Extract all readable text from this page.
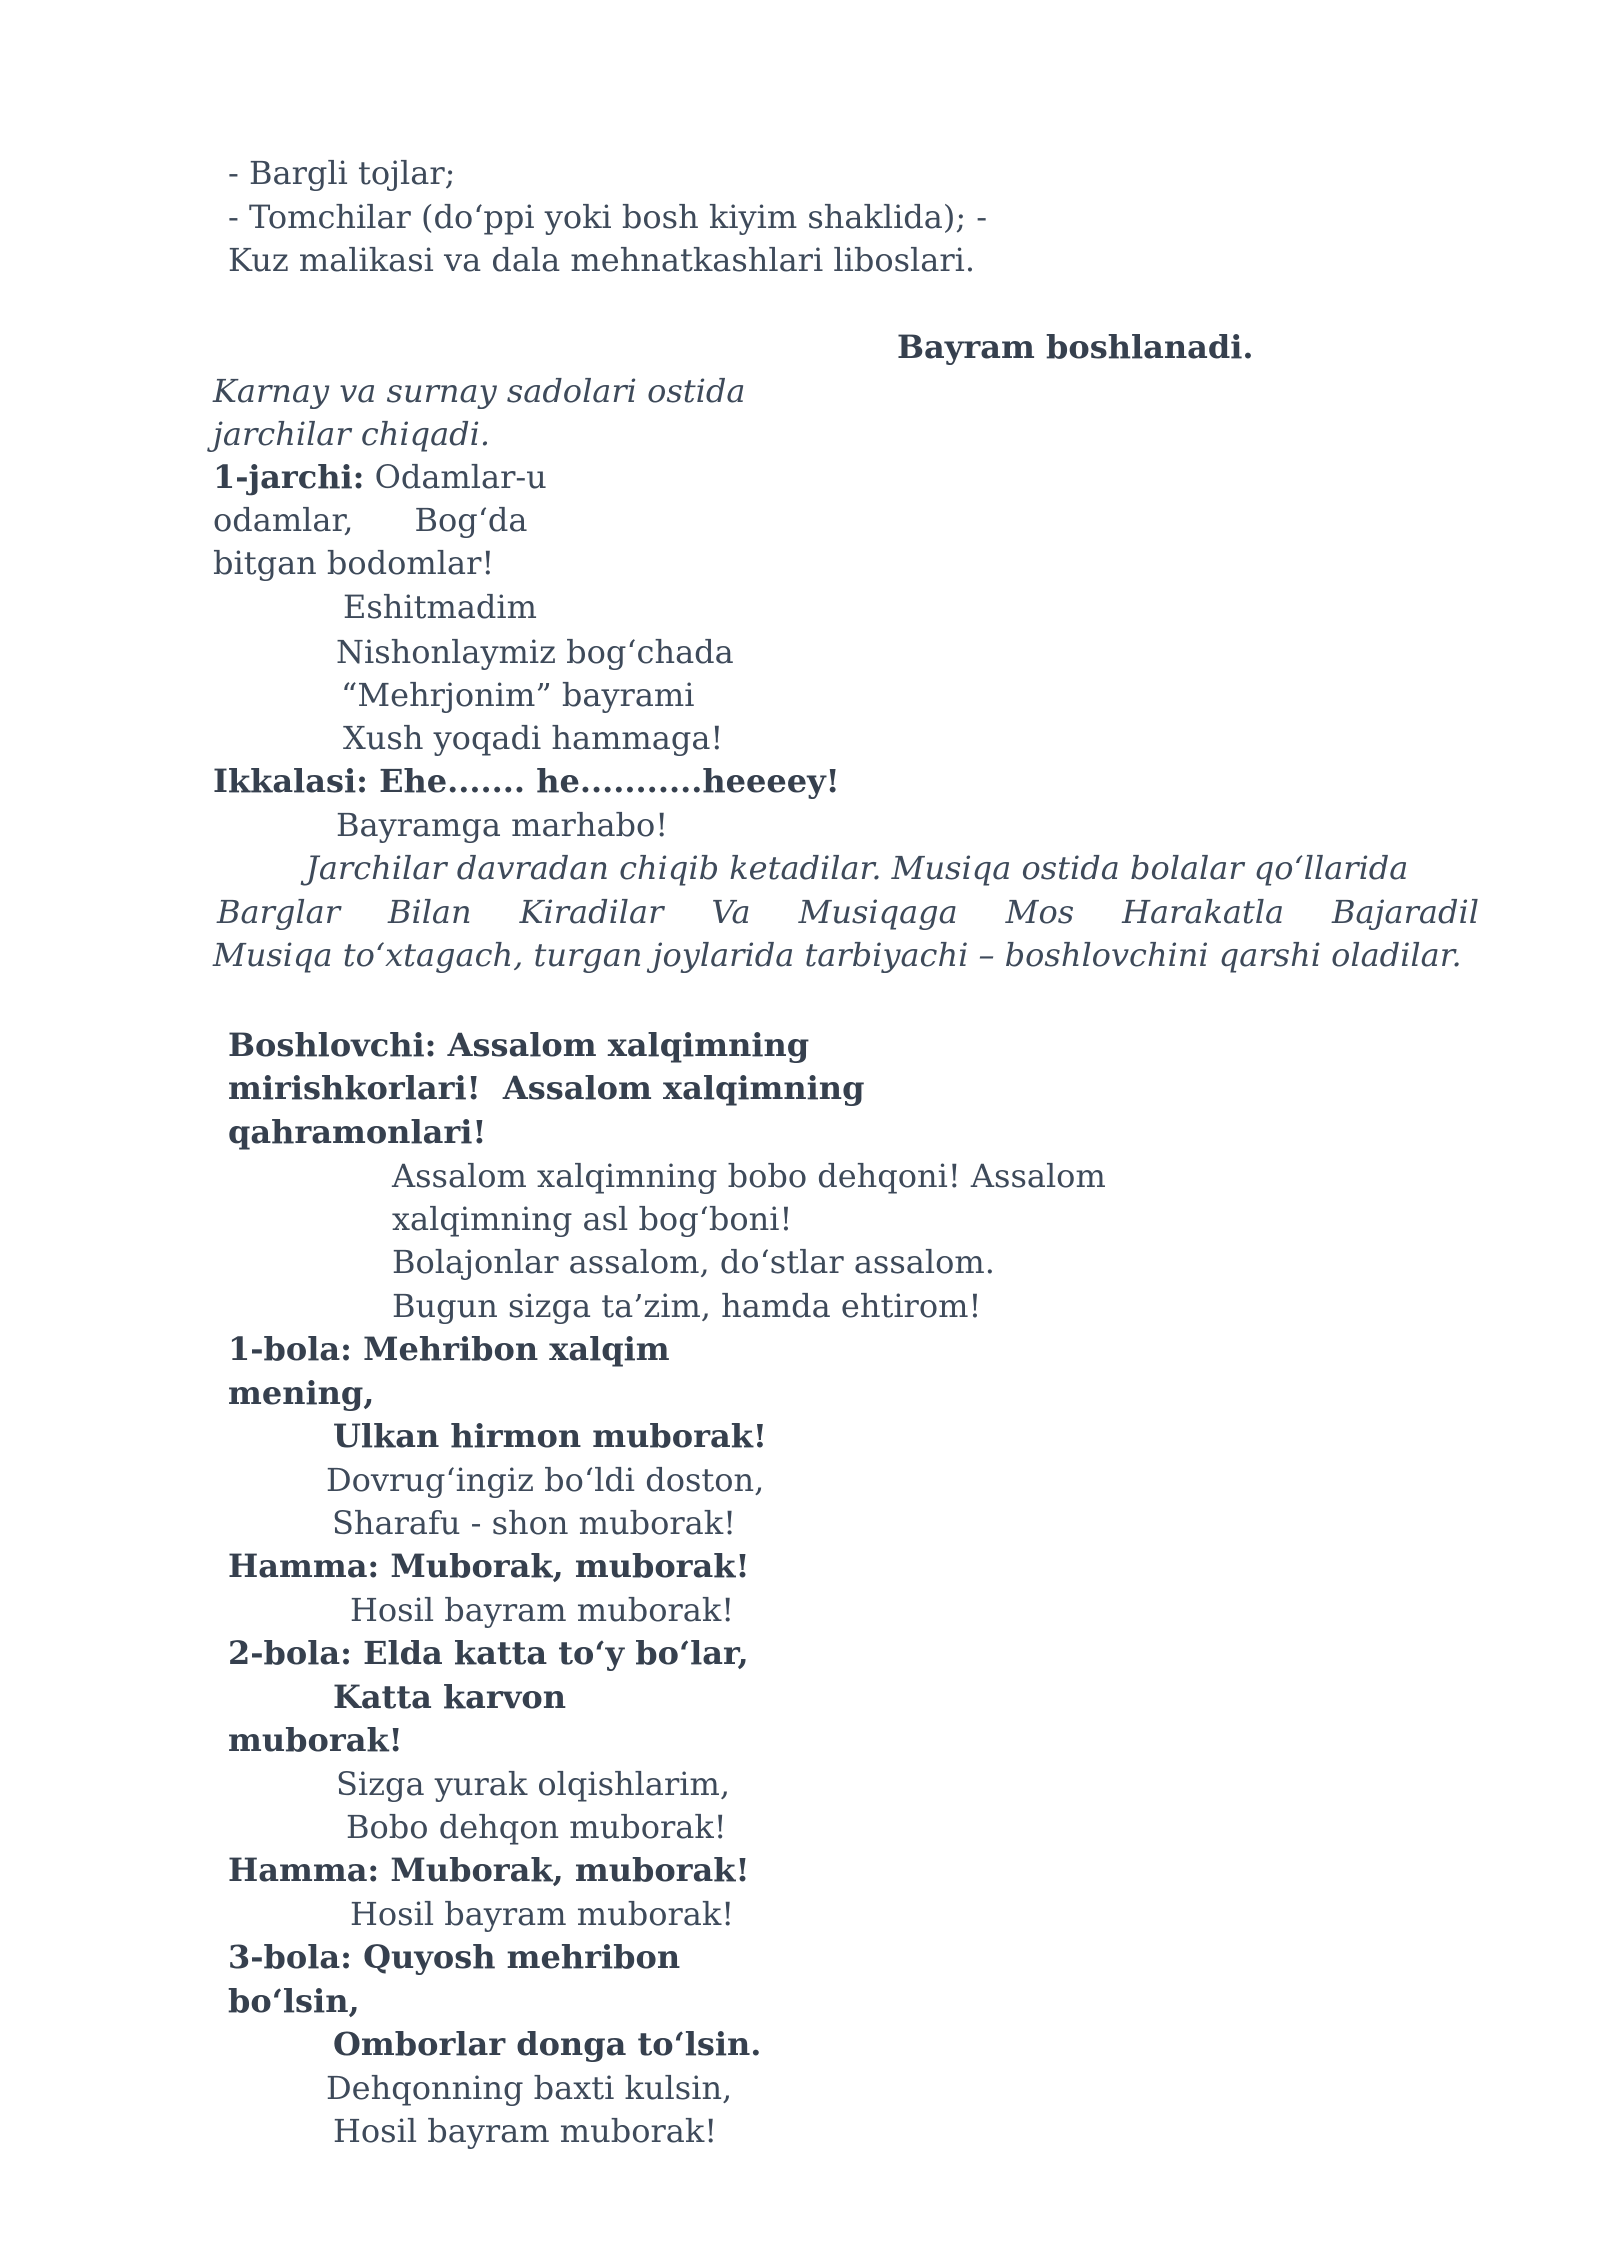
- Bargli tojlar;
- Tomchilar (do‘ppi yoki bosh kiyim shaklida); -
Kuz malikasi va dala mehnatkashlari liboslari.
Bayram boshlanadi.
Karnay va surnay sadolari ostida
jarchilar chiqadi.
1-jarchi: Odamlar-u
odamlar,      Bog‘da
bitgan bodomlar!
Eshitmadim
Nishonlaymiz bog‘chada
“Mehrjonim” bayrami
Xush yoqadi hammaga!
Ikkalasi: Ehe....... he...........heeeey!
Bayramga marhabo!
Jarchilar davradan chiqib ketadilar. Musiqa ostida bolalar qo‘llarida
Barglar Bilan Kiradilar Va Musiqaga Mos Harakatla Bajaradil
Musiqa to‘xtagach, turgan joylarida tarbiyachi – boshlovchini qarshi oladilar.
Boshlovchi: Assalom xalqimning
mirishkorlari!  Assalom xalqimning
qahramonlari!
Assalom xalqimning bobo dehqoni! Assalom
xalqimning asl bog‘boni!
Bolajonlar assalom, do‘stlar assalom.
Bugun sizga ta’zim, hamda ehtirom!
1-bola: Mehribon xalqim
mening,
Ulkan hirmon muborak!
Dovrug‘ingiz bo‘ldi doston,
Sharafu - shon muborak!
Hamma: Muborak, muborak!
Hosil bayram muborak!
2-bola: Elda katta to‘y bo‘lar,
Katta karvon
muborak!
Sizga yurak olqishlarim,
Bobo dehqon muborak!
Hamma: Muborak, muborak!
Hosil bayram muborak!
3-bola: Quyosh mehribon
bo‘lsin,
Omborlar donga to‘lsin.
Dehqonning baxti kulsin,
Hosil bayram muborak!
